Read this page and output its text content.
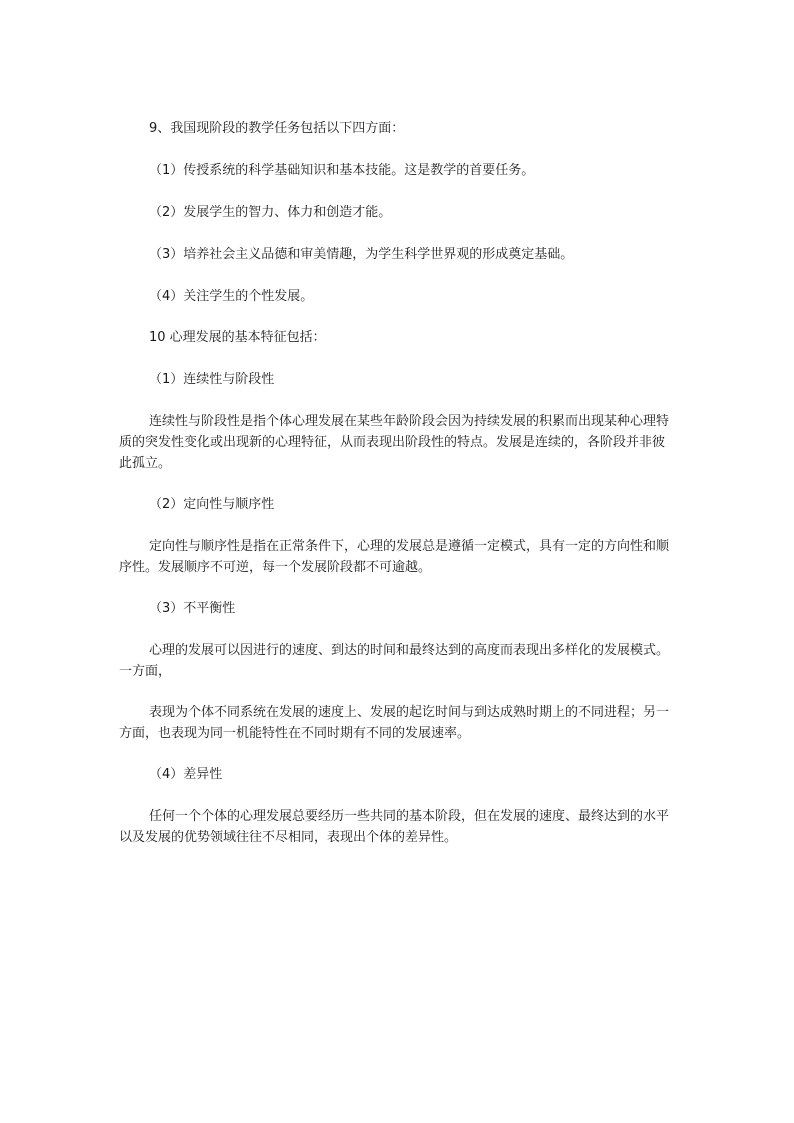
9、我国现阶段的教学任务包括以下四方面：

（1）传授系统的科学基础知识和基本技能。这是教学的首要任务。

（2）发展学生的智力、体力和创造才能。

（3）培养社会主义品德和审美情趣，为学生科学世界观的形成奠定基础。

（4）关注学生的个性发展。

10 心理发展的基本特征包括：

（1）连续性与阶段性

连续性与阶段性是指个体心理发展在某些年龄阶段会因为持续发展的积累而出现某种心理特质的突发性变化或出现新的心理特征，从而表现出阶段性的特点。发展是连续的，各阶段并非彼此孤立。

（2）定向性与顺序性

定向性与顺序性是指在正常条件下，心理的发展总是遵循一定模式，具有一定的方向性和顺序性。发展顺序不可逆，每一个发展阶段都不可逾越。

（3）不平衡性

心理的发展可以因进行的速度、到达的时间和最终达到的高度而表现出多样化的发展模式。一方面，

表现为个体不同系统在发展的速度上、发展的起讫时间与到达成熟时期上的不同进程；另一方面，也表现为同一机能特性在不同时期有不同的发展速率。

（4）差异性

任何一个个体的心理发展总要经历一些共同的基本阶段，但在发展的速度、最终达到的水平以及发展的优势领域往往不尽相同，表现出个体的差异性。
